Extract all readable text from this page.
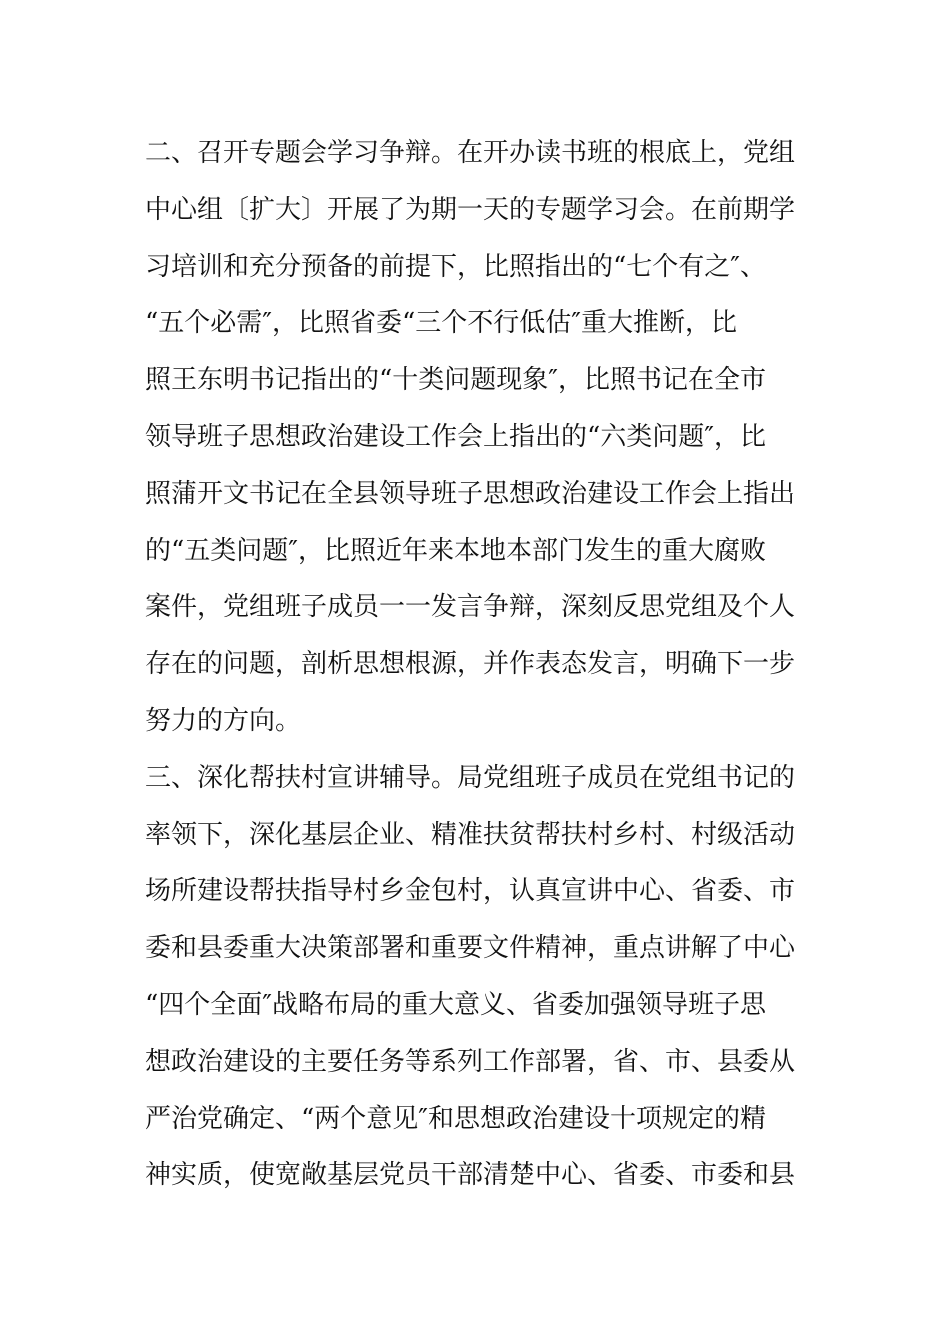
二、召开专题会学习争辩。在开办读书班的根底上，党组
中心组〔扩大〕开展了为期一天的专题学习会。在前期学
习培训和充分预备的前提下，比照指出的“七个有之″、
“五个必需″，比照省委“三个不行低估″重大推断，比
照王东明书记指出的“十类问题现象″，比照书记在全市
领导班子思想政治建设工作会上指出的“六类问题″，比
照蒲开文书记在全县领导班子思想政治建设工作会上指出
的“五类问题″，比照近年来本地本部门发生的重大腐败
案件，党组班子成员一一发言争辩，深刻反思党组及个人
存在的问题，剖析思想根源，并作表态发言，明确下一步
努力的方向。
三、深化帮扶村宣讲辅导。局党组班子成员在党组书记的
率领下，深化基层企业、精准扶贫帮扶村乡村、村级活动
场所建设帮扶指导村乡金包村，认真宣讲中心、省委、市
委和县委重大决策部署和重要文件精神，重点讲解了中心
“四个全面″战略布局的重大意义、省委加强领导班子思
想政治建设的主要任务等系列工作部署，省、市、县委从
严治党确定、“两个意见″和思想政治建设十项规定的精
神实质，使宽敞基层党员干部清楚中心、省委、市委和县
